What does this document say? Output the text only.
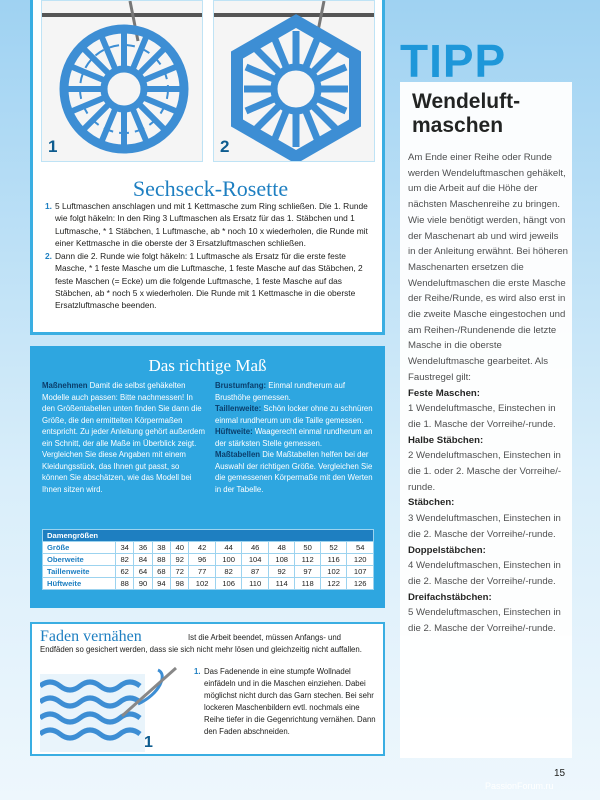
1	2
Sechseck-Rosette
1. 5 Luftmaschen anschlagen und mit 1 Kettmasche zum Ring schließen. Die 1. Runde wie folgt häkeln: In den Ring 3 Luftmaschen als Ersatz für das 1. Stäbchen und 1 Luftmasche, * 1 Stäbchen, 1 Luftmasche, ab * noch 10 x wiederholen, die Runde mit einer Kettmasche in die oberste der 3 Ersatzluftmaschen schließen.
2. Dann die 2. Runde wie folgt häkeln: 1 Luftmasche als Ersatz für die erste feste Masche, * 1 feste Masche um die Luftmasche, 1 feste Masche auf das Stäbchen, 2 feste Maschen (= Ecke) um die folgende Luftmasche, 1 feste Masche auf das Stäbchen, ab * noch 5 x wiederholen. Die Runde mit 1 Kettmasche in die oberste Ersatzluftmasche beenden.
Das richtige Maß
Maßnehmen Damit die selbst gehäkelten Modelle auch passen: Bitte nachmessen! In den Größentabellen unten finden Sie dann die Größe, die den ermittelten Körpermaßen entspricht. Zu jeder Anleitung gehört außerdem ein Schnitt, der alle Maße im Überblick zeigt. Vergleichen Sie diese Angaben mit einem Kleidungsstück, das Ihnen gut passt, so können Sie abschätzen, wie das Modell bei Ihnen sitzen wird.
Brustumfang: Einmal rundherum auf Brusthöhe gemessen.
Taillenweite: Schön locker ohne zu schnüren einmal rundherum um die Taille gemessen.
Hüftweite: Waagerecht einmal rundherum an der stärksten Stelle gemessen.
Maßtabellen Die Maßtabellen helfen bei der Auswahl der richtigen Größe. Vergleichen Sie die gemessenen Körpermaße mit den Werten in der Tabelle.
Damengrößen											
Größe	34	36	38	40	42	44	46	48	50	52	54
Oberweite	82	84	88	92	96	100	104	108	112	116	120
Taillenweite	62	64	68	72	77	82	87	92	97	102	107
Hüftweite	88	90	94	98	102	106	110	114	118	122	126
Ist die Arbeit beendet, müssen Anfangs- und Endfäden so gesichert werden, dass sie sich nicht mehr lösen und gleichzeitig nicht auffallen.
Faden vernähen
1
1. Das Fadenende in eine stumpfe Wollnadel einfädeln und in die Maschen einziehen. Dabei möglichst nicht durch das Garn stechen. Bei sehr lockeren Maschenbildern evtl. nochmals eine Reihe tiefer in die Gegenrichtung vernähen. Dann den Faden abschneiden.
Wendeluft-maschen

Am Ende einer Reihe oder Runde werden Wendeluftmaschen gehäkelt, um die Arbeit auf die Höhe der nächsten Maschenreihe zu bringen. Wie viele benötigt werden, hängt von der Maschenart ab und wird jeweils in der Anleitung erwähnt. Bei höheren Maschenarten ersetzen die Wendeluftmaschen die erste Masche der Reihe/Runde, es wird also erst in die zweite Masche eingestochen und am Reihen-/Rundenende die letzte Masche in die oberste Wendeluftmasche gearbeitet. Als Faustregel gilt:

Feste Maschen:

1 Wendeluftmasche, Einstechen in die 1. Masche der Vorreihe/-runde.

Halbe Stäbchen:

2 Wendeluftmaschen, Einstechen in die 1. oder 2. Masche der Vorreihe/-runde.

Stäbchen:

3 Wendeluftmaschen, Einstechen in die 2. Masche der Vorreihe/-runde.

Doppelstäbchen:

4 Wendeluftmaschen, Einstechen in die 2. Masche der Vorreihe/-runde.

Dreifachstäbchen:

5 Wendeluftmaschen, Einstechen in die 2. Masche der Vorreihe/-runde.

TIPP
15
PassionForum.ru
